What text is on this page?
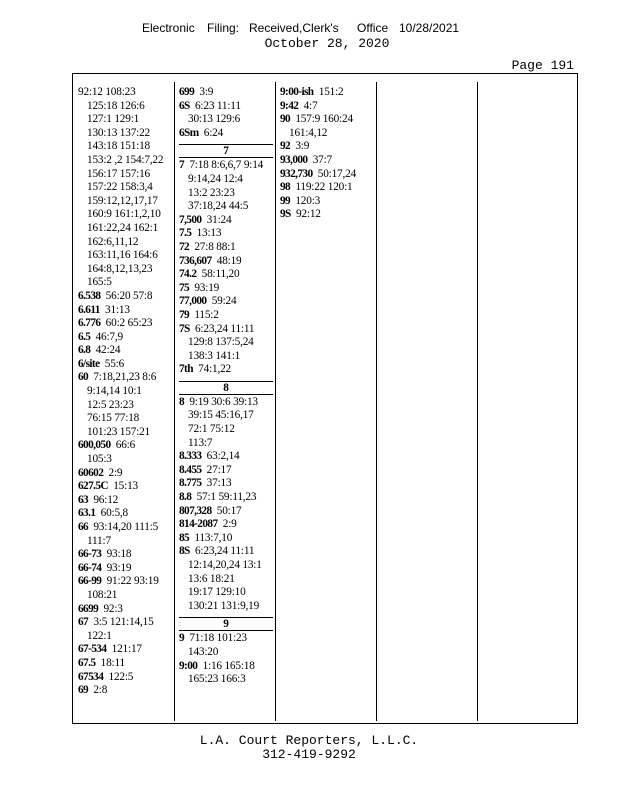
Electronic Filing: Received,Clerk's Office 10/28/2021
October 28, 2020
Page 191
92:12 108:23
125:18 126:6
127:1 129:1
130:13 137:22
143:18 151:18
153:2 ,2 154:7,22
156:17 157:16
157:22 158:3,4
159:12,12,17,17
160:9 161:1,2,10
161:22,24 162:1
162:6,11,12
163:11,16 164:6
164:8,12,13,23
165:5
6.538 56:20 57:8
6.611 31:13
6.776 60:2 65:23
6.5 46:7,9
6.8 42:24
6/site 55:6
60 7:18,21,23 8:6
9:14,14 10:1
12:5 23:23
76:15 77:18
101:23 157:21
600,050 66:6
105:3
60602 2:9
627.5C 15:13
63 96:12
63.1 60:5,8
66 93:14,20 111:5
111:7
66-73 93:18
66-74 93:19
66-99 91:22 93:19
108:21
6699 92:3
67 3:5 121:14,15
122:1
67-534 121:17
67.5 18:11
67534 122:5
69 2:8
699 3:9
6S 6:23 11:11
30:13 129:6
6Sm 6:24
7
7 7:18 8:6,6,7 9:14
9:14,24 12:4
13:2 23:23
37:18,24 44:5
7,500 31:24
7.5 13:13
72 27:8 88:1
736,607 48:19
74.2 58:11,20
75 93:19
77,000 59:24
79 115:2
7S 6:23,24 11:11
129:8 137:5,24
138:3 141:1
7th 74:1,22
8
8 9:19 30:6 39:13
39:15 45:16,17
72:1 75:12
113:7
8.333 63:2,14
8.455 27:17
8.775 37:13
8.8 57:1 59:11,23
807,328 50:17
814-2087 2:9
85 113:7,10
8S 6:23,24 11:11
12:14,20,24 13:1
13:6 18:21
19:17 129:10
130:21 131:9,19
9
9 71:18 101:23
143:20
9:00 1:16 165:18
165:23 166:3
9:00-ish 151:2
9:42 4:7
90 157:9 160:24
161:4,12
92 3:9
93,000 37:7
932,730 50:17,24
98 119:22 120:1
99 120:3
9S 92:12
L.A. Court Reporters, L.L.C.
312-419-9292
